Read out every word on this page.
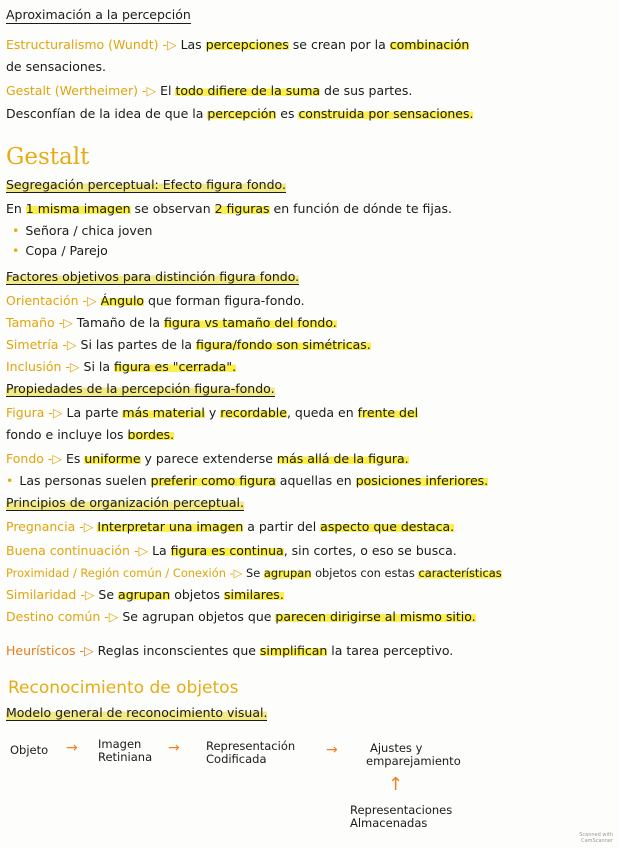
Aproximación a la percepción
Estructuralismo (Wundt) -▷ Las percepciones se crean por la combinación
de sensaciones.
Gestalt (Wertheimer) -▷ El todo difiere de la suma de sus partes.
Desconfían de la idea de que la percepción es construida por sensaciones.
Gestalt
Segregación perceptual: Efecto figura fondo.
En 1 misma imagen se observan 2 figuras en función de dónde te fijas.
• Señora / chica joven
• Copa / Parejo
Factores objetivos para distinción figura fondo.
Orientación -▷ Ángulo que forman figura-fondo.
Tamaño -▷ Tamaño de la figura vs tamaño del fondo.
Simetría -▷ Si las partes de la figura/fondo son simétricas.
Inclusión -▷ Si la figura es "cerrada".
Propiedades de la percepción figura-fondo.
Figura -▷ La parte más material y recordable, queda en frente del
fondo e incluye los bordes.
Fondo -▷ Es uniforme y parece extenderse más allá de la figura.
• Las personas suelen preferir como figura aquellas en posiciones inferiores.
Principios de organización perceptual.
Pregnancia -▷ Interpretar una imagen a partir del aspecto que destaca.
Buena continuación -▷ La figura es continua, sin cortes, o eso se busca.
Proximidad / Región común / Conexión -▷ Se agrupan objetos con estas características
Similaridad -▷ Se agrupan objetos similares.
Destino común -▷ Se agrupan objetos que parecen dirigirse al mismo sitio.
Heurísticos -▷ Reglas inconscientes que simplifican la tarea perceptivo.
Reconocimiento de objetos
Modelo general de reconocimiento visual.
Objeto → Imagen
Retiniana
→ Representación
Codificada
→	Ajustes y
emparejamiento
↑
Representaciones
Almacenadas
Scanned with
CamScanner
